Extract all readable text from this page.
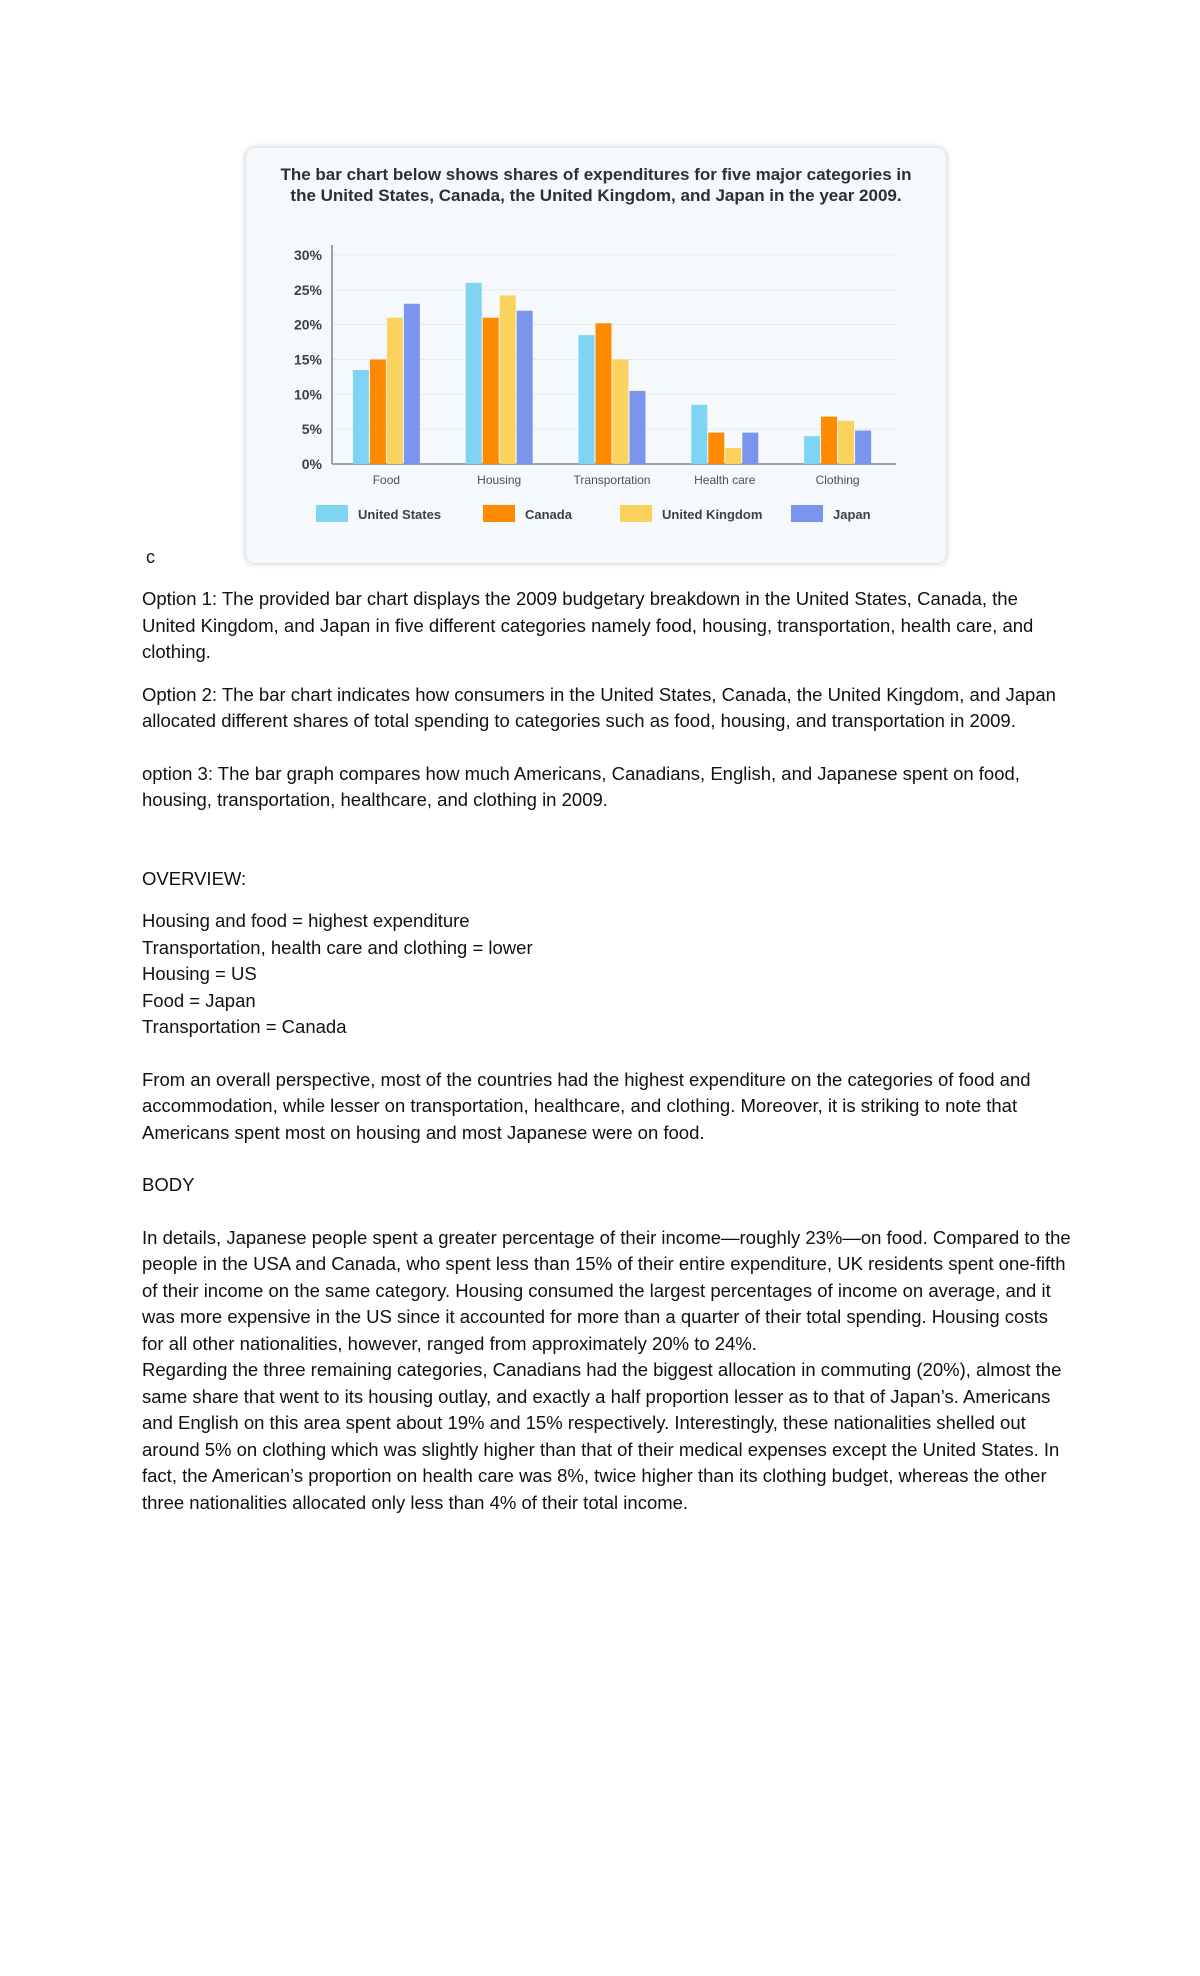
The bar chart below shows shares of expenditures for five major categories in the United States, Canada, the United Kingdom, and Japan in the year 2009.
0%
5%
10%
15%
20%
25%
30%
Food	Housing	Transportation	Health care	Clothing
United States	Canada	United Kingdom	Japan
c

Option 1: The provided bar chart displays the 2009 budgetary breakdown in the United States, Canada, the United Kingdom, and Japan in five different categories namely food, housing, transportation, health care, and clothing.

Option 2: The bar chart indicates how consumers in the United States, Canada, the United Kingdom, and Japan allocated different shares of total spending to categories such as food, housing, and transportation in 2009.

option 3: The bar graph compares how much Americans, Canadians, English, and Japanese spent on food, housing, transportation, healthcare, and clothing in 2009.

OVERVIEW:

Housing and food = highest expenditure

Transportation, health care and clothing = lower

Housing = US

Food = Japan

Transportation = Canada

From an overall perspective, most of the countries had the highest expenditure on the categories of food and accommodation, while lesser on transportation, healthcare, and clothing. Moreover, it is striking to note that Americans spent most on housing and most Japanese were on food.

BODY

In details, Japanese people spent a greater percentage of their income—roughly 23%—on food. Compared to the people in the USA and Canada, who spent less than 15% of their entire expenditure, UK residents spent one-fifth of their income on the same category. Housing consumed the largest percentages of income on average, and it was more expensive in the US since it accounted for more than a quarter of their total spending. Housing costs for all other nationalities, however, ranged from approximately 20% to 24%.

Regarding the three remaining categories, Canadians had the biggest allocation in commuting (20%), almost the same share that went to its housing outlay, and exactly a half proportion lesser as to that of Japan’s. Americans and English on this area spent about 19% and 15% respectively. Interestingly, these nationalities shelled out around 5% on clothing which was slightly higher than that of their medical expenses except the United States. In fact, the American’s proportion on health care was 8%, twice higher than its clothing budget, whereas the other three nationalities allocated only less than 4% of their total income.
